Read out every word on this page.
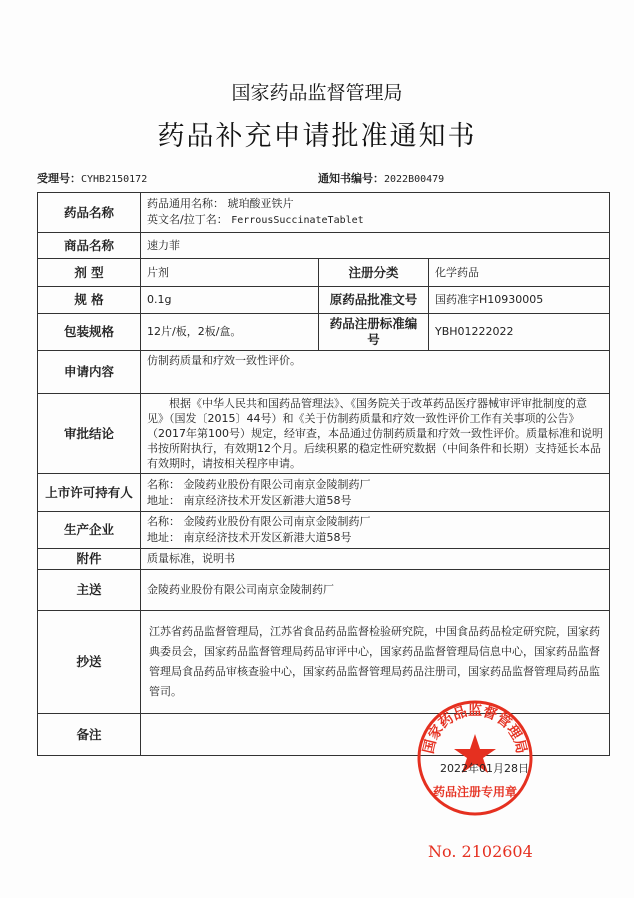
国家药品监督管理局
药品补充申请批准通知书
受理号：CYHB2150172	通知书编号：2022B00479
药品名称	药品通用名称： 琥珀酸亚铁片
英文名/拉丁名： FerrousSuccinateTablet		

商品名称	速力菲		
剂 型	片剂	注册分类	化学药品
规 格	0.1g	原药品批准文号	国药准字H10930005
包装规格	12片/板，2板/盒。	药品注册标准编号	YBH01222022
申请内容	仿制药质量和疗效一致性评价。		
审批结论	根据《中华人民共和国药品管理法》、《国务院关于改革药品医疗器械审评审批制度的意见》（国发〔2015〕44号）和《关于仿制药质量和疗效一致性评价工作有关事项的公告》（2017年第100号）规定，经审查，本品通过仿制药质量和疗效一致性评价。质量标准和说明书按所附执行，有效期12个月。后续积累的稳定性研究数据（中间条件和长期）支持延长本品有效期时，请按相关程序申请。		
上市许可持有人	名称： 金陵药业股份有限公司南京金陵制药厂
地址： 南京经济技术开发区新港大道58号		

生产企业	名称： 金陵药业股份有限公司南京金陵制药厂
地址： 南京经济技术开发区新港大道58号		

附件	质量标准，说明书		
主送	金陵药业股份有限公司南京金陵制药厂		
抄送	江苏省药品监督管理局，江苏省食品药品监督检验研究院，中国食品药品检定研究院，国家药典委员会，国家药品监督管理局药品审评中心，国家药品监督管理局信息中心，国家药品监督管理局食品药品审核查验中心，国家药品监督管理局药品注册司，国家药品监督管理局药品监管司。		
备注			
国家药品监督管理局
药品注册专用章
2022年01月28日
No. 2102604
